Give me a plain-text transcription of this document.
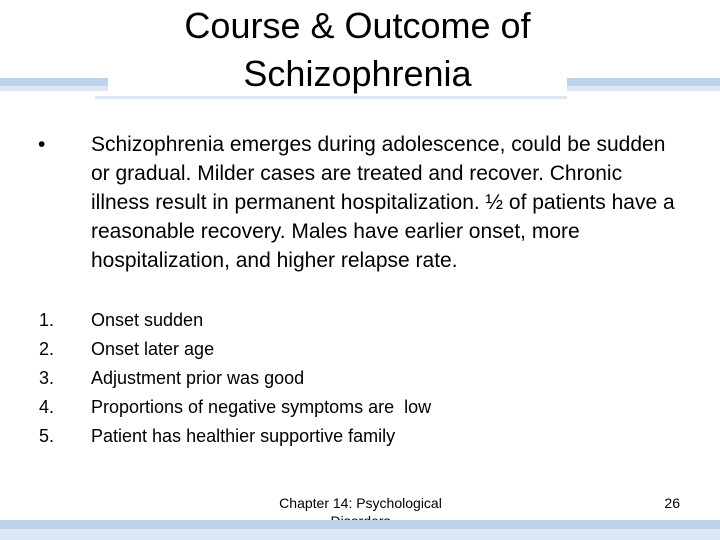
Course & Outcome of
Schizophrenia
• Schizophrenia emerges during adolescence, could be sudden or gradual. Milder cases are treated and recover. Chronic illness result in permanent hospitalization. ½ of patients have a reasonable recovery. Males have earlier onset, more hospitalization, and higher relapse rate.
1. Onset sudden
2. Onset later age
3. Adjustment prior was good
4. Proportions of negative symptoms are  low
5. Patient has healthier supportive family
Chapter 14: Psychological	26
